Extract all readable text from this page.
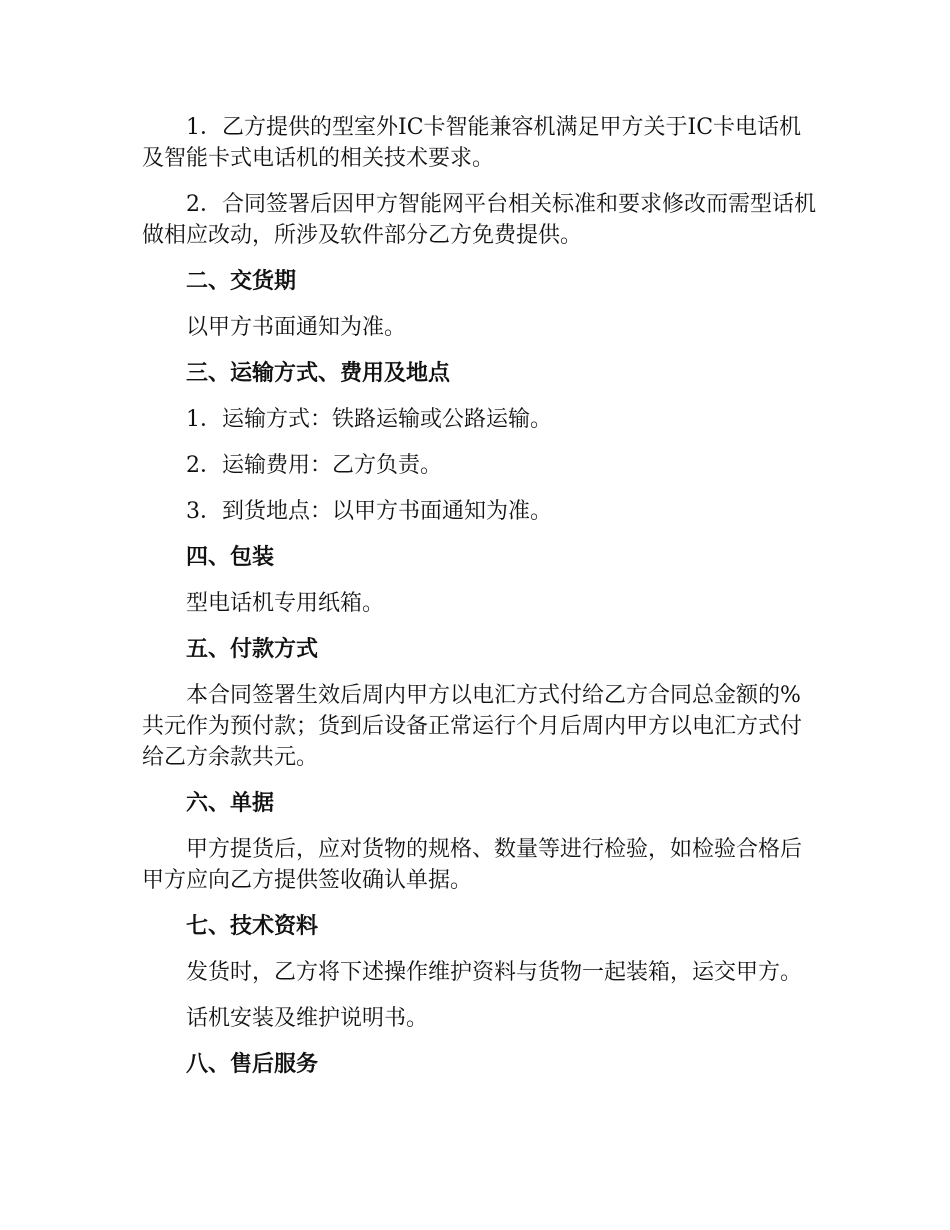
1．乙方提供的型室外IC卡智能兼容机满足甲方关于IC卡电话机及智能卡式电话机的相关技术要求。

2．合同签署后因甲方智能网平台相关标准和要求修改而需型话机做相应改动，所涉及软件部分乙方免费提供。

二、交货期

以甲方书面通知为准。

三、运输方式、费用及地点

1．运输方式：铁路运输或公路运输。

2．运输费用：乙方负责。

3．到货地点：以甲方书面通知为准。

四、包装

型电话机专用纸箱。

五、付款方式

本合同签署生效后周内甲方以电汇方式付给乙方合同总金额的%共元作为预付款；货到后设备正常运行个月后周内甲方以电汇方式付给乙方余款共元。

六、单据

甲方提货后，应对货物的规格、数量等进行检验，如检验合格后甲方应向乙方提供签收确认单据。

七、技术资料

发货时，乙方将下述操作维护资料与货物一起装箱，运交甲方。

话机安装及维护说明书。

八、售后服务
